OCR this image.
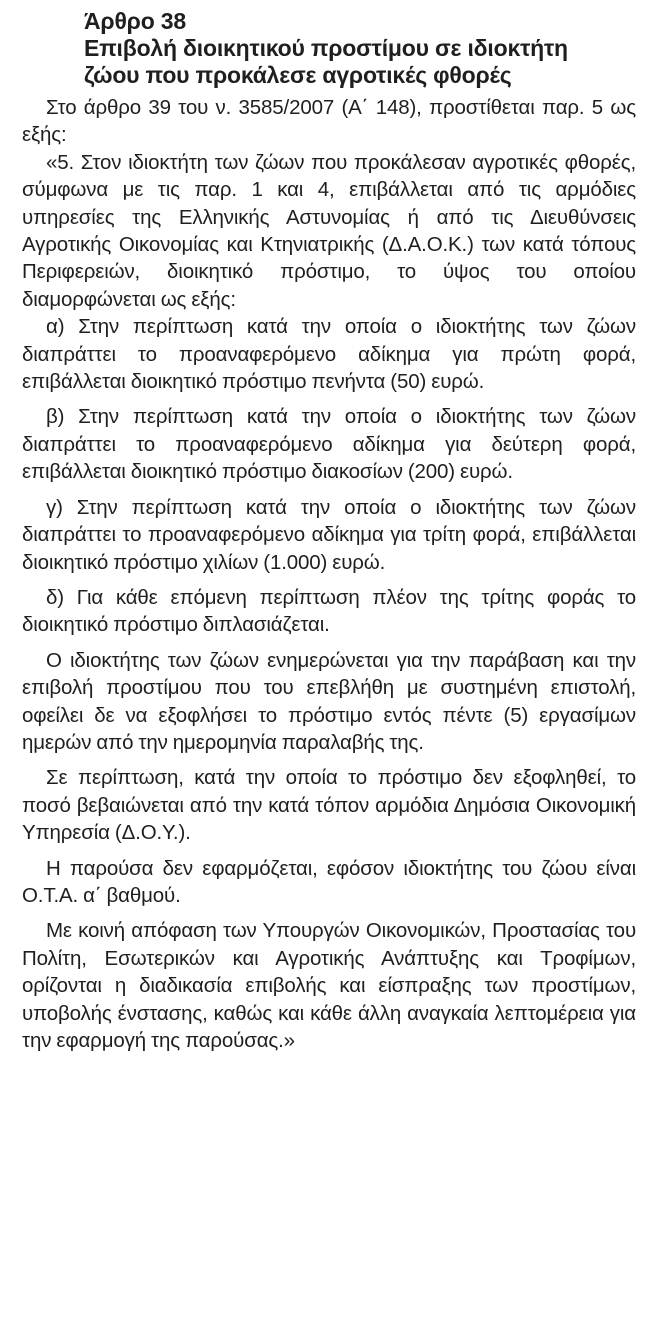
Άρθρο 38
Επιβολή διοικητικού προστίμου σε ιδιοκτήτη
ζώου που προκάλεσε αγροτικές φθορές

Στο άρθρο 39 του ν. 3585/2007 (Α΄ 148), προστίθεται παρ. 5 ως εξής:

«5. Στον ιδιοκτήτη των ζώων που προκάλεσαν αγροτικές φθορές, σύμφωνα με τις παρ. 1 και 4, επιβάλλεται από τις αρμόδιες υπηρεσίες της Ελληνικής Αστυνομίας ή από τις Διευθύνσεις Αγροτικής Οικονομίας και Κτηνιατρικής (Δ.Α.Ο.Κ.) των κατά τόπους Περιφερειών, διοικητικό πρόστιμο, το ύψος του οποίου διαμορφώνεται ως εξής:

α) Στην περίπτωση κατά την οποία ο ιδιοκτήτης των ζώων διαπράττει το προαναφερόμενο αδίκημα για πρώτη φορά, επιβάλλεται διοικητικό πρόστιμο πενήντα (50) ευρώ.

β) Στην περίπτωση κατά την οποία ο ιδιοκτήτης των ζώων διαπράττει το προαναφερόμενο αδίκημα για δεύτερη φορά, επιβάλλεται διοικητικό πρόστιμο διακοσίων (200) ευρώ.

γ) Στην περίπτωση κατά την οποία ο ιδιοκτήτης των ζώων διαπράττει το προαναφερόμενο αδίκημα για τρίτη φορά, επιβάλλεται διοικητικό πρόστιμο χιλίων (1.000) ευρώ.

δ) Για κάθε επόμενη περίπτωση πλέον της τρίτης φοράς το διοικητικό πρόστιμο διπλασιάζεται.

Ο ιδιοκτήτης των ζώων ενημερώνεται για την παράβαση και την επιβολή προστίμου που του επεβλήθη με συστημένη επιστολή, οφείλει δε να εξοφλήσει το πρόστιμο εντός πέντε (5) εργασίμων ημερών από την ημερομηνία παραλαβής της.

Σε περίπτωση, κατά την οποία το πρόστιμο δεν εξοφληθεί, το ποσό βεβαιώνεται από την κατά τόπον αρμόδια Δημόσια Οικονομική Υπηρεσία (Δ.Ο.Υ.).

Η παρούσα δεν εφαρμόζεται, εφόσον ιδιοκτήτης του ζώου είναι Ο.Τ.Α. α΄ βαθμού.

Με κοινή απόφαση των Υπουργών Οικονομικών, Προστασίας του Πολίτη, Εσωτερικών και Αγροτικής Ανάπτυξης και Τροφίμων, ορίζονται η διαδικασία επιβολής και είσπραξης των προστίμων, υποβολής ένστασης, καθώς και κάθε άλλη αναγκαία λεπτομέρεια για την εφαρμογή της παρούσας.»
